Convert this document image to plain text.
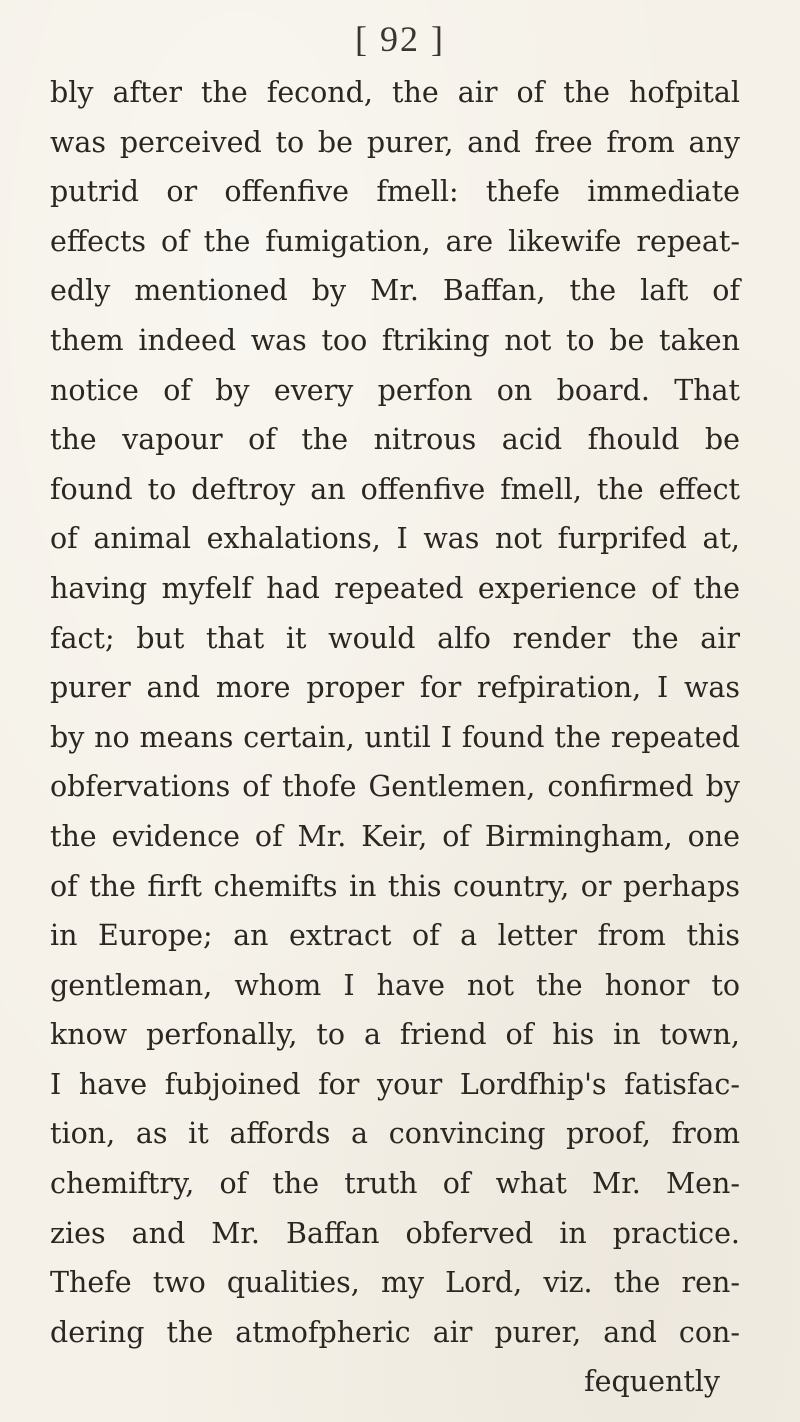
[ 92 ]
bly after the fecond, the air of the hofpital
was perceived to be purer, and free from any
putrid or offenfive fmell: thefe immediate
effects of the fumigation, are likewife repeat-
edly mentioned by Mr. Baffan, the laft of
them indeed was too ftriking not to be taken
notice of by every perfon on board. That
the vapour of the nitrous acid fhould be
found to deftroy an offenfive fmell, the effect
of animal exhalations, I was not furprifed at,
having myfelf had repeated experience of the
fact; but that it would alfo render the air
purer and more proper for refpiration, I was
by no means certain, until I found the repeated
obfervations of thofe Gentlemen, confirmed by
the evidence of Mr. Keir, of Birmingham, one
of the firft chemifts in this country, or perhaps
in Europe; an extract of a letter from this
gentleman, whom I have not the honor to
know perfonally, to a friend of his in town,
I have fubjoined for your Lordfhip's fatisfac-
tion, as it affords a convincing proof, from
chemiftry, of the truth of what Mr. Men-
zies and Mr. Baffan obferved in practice.
Thefe two qualities, my Lord, viz. the ren-
dering the atmofpheric air purer, and con-
fequently
